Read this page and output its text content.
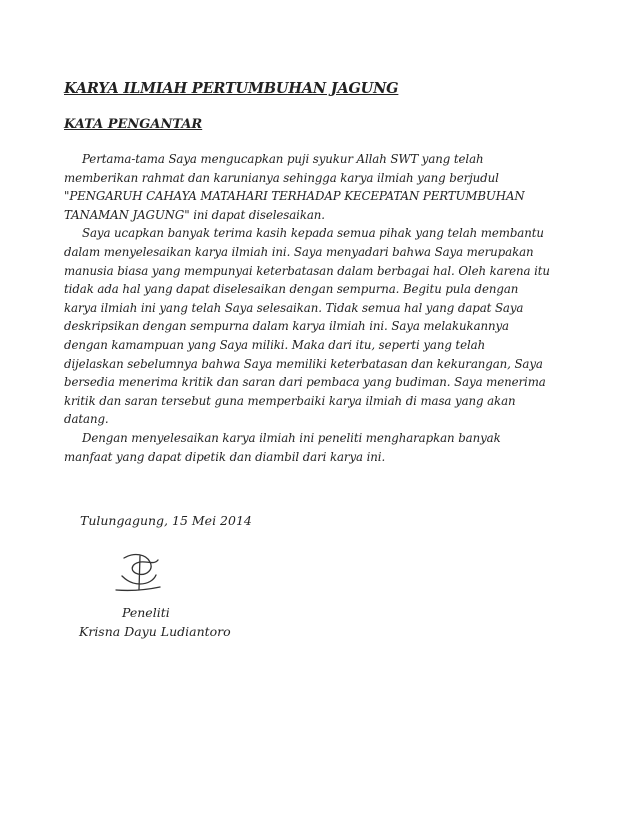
KARYA ILMIAH PERTUMBUHAN JAGUNG
KATA PENGANTAR
Pertama-tama Saya mengucapkan puji syukur Allah SWT yang telah
memberikan rahmat dan karunianya sehingga karya ilmiah yang berjudul
"PENGARUH CAHAYA MATAHARI TERHADAP KECEPATAN PERTUMBUHAN
TANAMAN JAGUNG" ini dapat diselesaikan.
Saya ucapkan banyak terima kasih kepada semua pihak yang telah membantu
dalam menyelesaikan karya ilmiah ini. Saya menyadari bahwa Saya merupakan
manusia biasa yang mempunyai keterbatasan dalam berbagai hal. Oleh karena itu
tidak ada hal yang dapat diselesaikan dengan sempurna. Begitu pula dengan
karya ilmiah ini yang telah Saya selesaikan. Tidak semua hal yang dapat Saya
deskripsikan dengan sempurna dalam karya ilmiah ini. Saya melakukannya
dengan kamampuan yang Saya miliki. Maka dari itu, seperti yang telah
dijelaskan sebelumnya bahwa Saya memiliki keterbatasan dan kekurangan, Saya
bersedia menerima kritik dan saran dari pembaca yang budiman. Saya menerima
kritik dan saran tersebut guna memperbaiki karya ilmiah di masa yang akan
datang.
Dengan menyelesaikan karya ilmiah ini peneliti mengharapkan banyak
manfaat yang dapat dipetik dan diambil dari karya ini.
Tulungagung, 15 Mei 2014
Peneliti
Krisna Dayu Ludiantoro
